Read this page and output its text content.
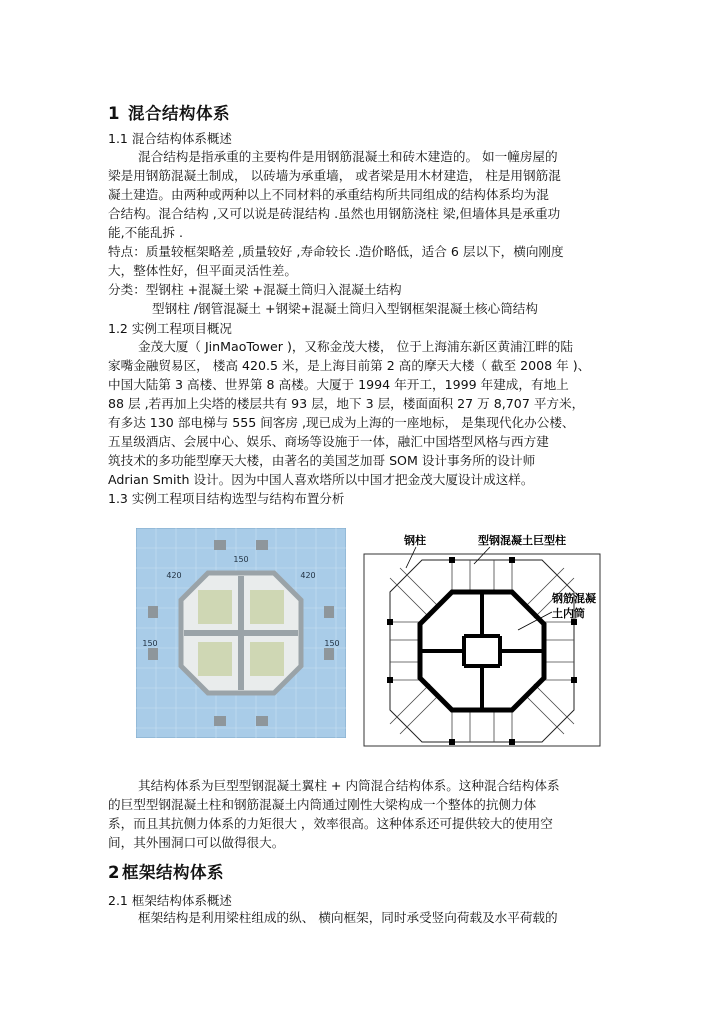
1 混合结构体系
1.1 混合结构体系概述
混合结构是指承重的主要构件是用钢筋混凝土和砖木建造的。 如一幢房屋的
梁是用钢筋混凝土制成， 以砖墙为承重墙， 或者梁是用木材建造， 柱是用钢筋混
凝土建造。由两种或两种以上不同材料的承重结构所共同组成的结构体系均为混
合结构。混合结构 ,又可以说是砖混结构 .虽然也用钢筋浇柱 梁,但墙体具是承重功
能,不能乱拆 .
特点：质量较框架略差 ,质量较好 ,寿命较长 .造价略低，适合 6 层以下，横向刚度
大，整体性好，但平面灵活性差。
分类：型钢柱 +混凝土梁 +混凝土筒归入混凝土结构
型钢柱 /钢管混凝土 +钢梁+混凝土筒归入型钢框架混凝土核心筒结构
1.2 实例工程项目概况
金茂大厦（ JinMaoTower )，又称金茂大楼， 位于上海浦东新区黄浦江畔的陆
家嘴金融贸易区， 楼高 420.5 米，是上海目前第 2 高的摩天大楼（ 截至 2008 年 )、
中国大陆第 3 高楼、世界第 8 高楼。大厦于 1994 年开工，1999 年建成，有地上
88 层 ,若再加上尖塔的楼层共有 93 层，地下 3 层，楼面面积 27 万 8,707 平方米，
有多达 130 部电梯与 555 间客房 ,现已成为上海的一座地标， 是集现代化办公楼、
五星级酒店、会展中心、娱乐、商场等设施于一体，融汇中国塔型风格与西方建
筑技术的多功能型摩天大楼，由著名的美国芝加哥 SOM 设计事务所的设计师
Adrian Smith 设计。因为中国人喜欢塔所以中国才把金茂大厦设计成这样。
1.3 实例工程项目结构选型与结构布置分析
150
420	420
150	150
钢柱	型钢混凝土巨型柱
钢筋混凝
土内筒
其结构体系为巨型型钢混凝土翼柱 + 内筒混合结构体系。这种混合结构体系
的巨型型钢混凝土柱和钢筋混凝土内筒通过刚性大梁构成一个整体的抗侧力体
系，而且其抗侧力体系的力矩很大 ，效率很高。这种体系还可提供较大的使用空
间，其外围洞口可以做得很大。
2 框架结构体系
2.1 框架结构体系概述
框架结构是利用梁柱组成的纵、 横向框架，同时承受竖向荷载及水平荷载的
